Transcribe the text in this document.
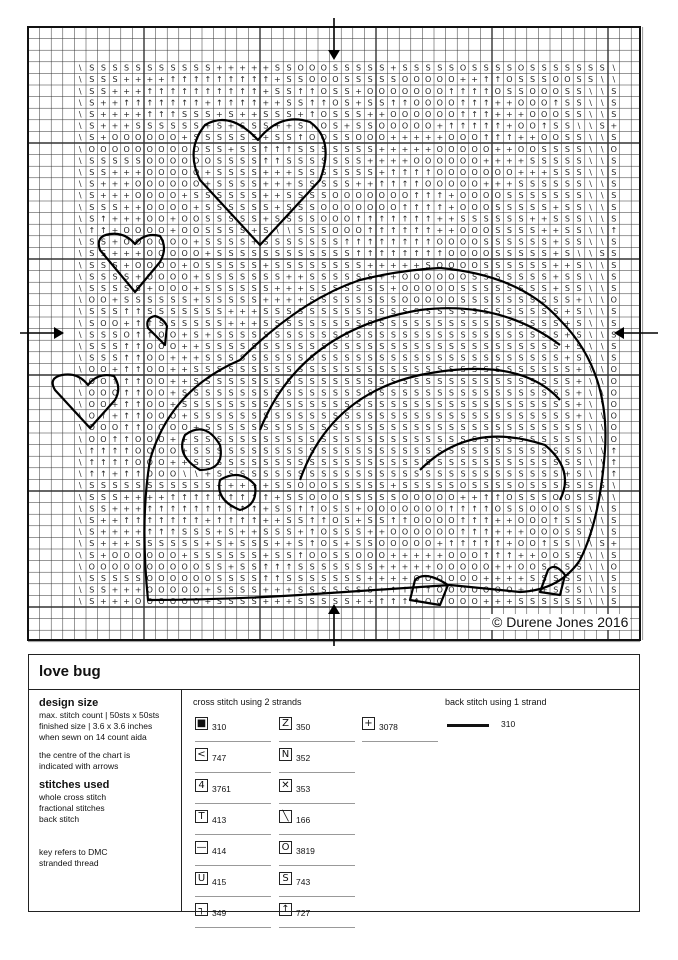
\ S S S S S S S S S S S + + + + + S S O O O S S S S S + S S S S S O S S S S O S S S S S S S \
\ S S S + + + + ↑ ↑ ↑ ↑ ↑ ↑ ↑ ↑ ↑ + S S O O O S S S S S O O O O O + + ↑ ↑ O S S S O O S S \ \
\ S S + + + ↑ ↑ ↑ ↑ ↑ ↑ ↑ ↑ ↑ ↑ + S S ↑ ↑ O S S + O O O O O O O ↑ ↑ ↑ ↑ O S S O O O S S \ \ S
\ S + + ↑ ↑ ↑ ↑ ↑ ↑ ↑ + ↑ ↑ ↑ ↑ + + S S ↑ ↑ O S + S S ↑ ↑ O O O O ↑ ↑ ↑ + + O O O ↑ S S \ \ S
\ S + + + + ↑ ↑ ↑ S S S + S + + S S S + ↑ O S S S + + O O O O O O ↑ ↑ ↑ + + + O O O S S \ \ S
\ S + + + S S S S S S + S + S S S + + S ↑ O S + S S O O O O O + ↑ ↑ ↑ ↑ ↑ + O O ↑ S S \ \ S +
\ S + O O O O O O + S S S S S S + S S ↑ O O S S O O O + + + + + O O O ↑ ↑ ↑ + + O O S S \ \ S
\ O O O O O O O O O O S S + S S ↑ ↑ ↑ S S S S S S S + + + + + O O O O O + + O O S S S S \ \ O
\ S S S S S O O O O O O S S S S ↑ ↑ S S S S S S S + + + + O O O O O O + + + + S S S S S \ \ S
\ S S + + + O O O O O + S S S S + + + S S S S S S S + ↑ ↑ ↑ ↑ O O O O O O O + + + S S S \ \ S
\ S + + + O O O O O O + S S S S + + + S S S S S + + ↑ ↑ ↑ ↑ O O O O O + + + S S S S S S \ \ S
\ S + + + O O O O + S S S S S S + + S S S S O O O O O O O ↑ ↑ ↑ + O O O O S S S S S S S \ \ S
\ S S S + + O O O O + S S S S S S + S S S O O O O O O O ↑ ↑ ↑ ↑ + O O O S S S S S + S S \ \ S
\ S ↑ + + + O O + O O S S S S S + S S S S O O O ↑ ↑ ↑ ↑ ↑ ↑ ↑ + + S S S S S S + + S S S \ \ S
\ ↑ ↑ + O O O O + O O S S S S + S \ \ S S S O O O ↑ ↑ ↑ ↑ ↑ ↑ + + O O O S S S S + + S S \ \ ↑
\ S S + O O O O O O + S S S S + S S S S S S S ↑ ↑ ↑ ↑ ↑ ↑ ↑ ↑ O O O O S S S S S S + S S \ \ S
\ S S + + + O O O O O + S S S S S S S S S S S S ↑ ↑ ↑ ↑ ↑ ↑ ↑ ↑ O O O O S S S S S + S \ \ S S
\ S S S + O O O O + O S S S S S + S S S S S S S S + + + + + S O O O O S S S S S S + + S \ \ S
\ S S S S + O O O O + S S S S S S S + + S S S S S S + + O O O O O O S S S S S S S + S S \ \ S
\ S S S S S + O O O + S S S S S S + + + S S S S S S S + O O O O O S S S S S S S S + S S \ \ S
\ O O + S S S S S S + S S S S S + + + + S S S S S S S S O O O O O S S S S S S S S S S + \ \ O
\ S S S ↑ ↑ S S S S S S S + + + S S S S S S S S S S S S S S S S S S S S S S S S S S + S \ \ S
\ S O O + ↑ ↑ S S S S S S + + + S S S S S S S S S S S S S S S S S S S S S S S S S S + S \ \ S
\ S S S O ↑ ↑ O O + S + S S S S S S S S S S S S S S S S S S S S S S S S S S S S S S + S \ \ S
\ S S S ↑ ↑ O O O + + S S S S S S S S S S S S S S S S S S S S S S S S S S S S S S S + S \ \ S
\ S S S ↑ ↑ O O + + + S S S S S S S S S S S S S S S S S S S S S S S S S S S S S S S + S \ \ S
\ O O + ↑ ↑ O O + + S S S S S S S S S S S S S S S S S S S S S S S S S S S S S S S S S + \ \ O
\ O O ↑ ↑ ↑ O O + + S S S S S S S S S S S S S S S S S S S S S S S S S S S S S S S S S + \ \ O
\ O O O ↑ ↑ O O + S S S S S S S S S S S S S S S S S S S S S S S S S S S S S S S S S S + \ \ O
\ O O + ↑ ↑ O O + S S S S S S S S S S S S S S S S S S S S S S S S S S S S S S S S S S + \ \ O
\ O ↑ + ↑ ↑ O O O + S S S S S S S S S S S S S S S S S S S S S S S S S S S S S S S S S + \ \ O
\ O O O ↑ ↑ O O O O + S S S S S S S S S S S S S S S S S S S S S S S S S S S S S S S S S \ \ O
\ O O ↑ ↑ O O O + + S S S S S S S S S S S S S S S S S S S S S S S S S S S S S S S S S S \ \ O
\ ↑ ↑ ↑ ↑ O O O O + S S S S S S S S S S S S S S S S S S S S S S S S S S S S S S S S S S \ \ ↑
\ ↑ ↑ ↑ ↑ O O O + + S S S S S S S S S S S S S S S S S S S S S S S S S S S S S S S S S S \ \ ↑
\ ↑ ↑ + ↑ ↑ O O O \ \ + S S S S S S S S S S S S S S S S S S S S S S S S S S S S S S + S \ \ ↑
\ S S S S S S S S S S S + + + + + S S O O O S S S S S + S S S S S O S S S S O S S S S S S S \
\ S S S + + + + ↑ ↑ ↑ ↑ ↑ ↑ ↑ ↑ ↑ + S S O O O S S S S S O O O O O + + ↑ ↑ O S S S O O S S \ \
\ S S + + + ↑ ↑ ↑ ↑ ↑ ↑ ↑ ↑ ↑ ↑ + S S ↑ ↑ O S S + O O O O O O O ↑ ↑ ↑ ↑ O S S O O O S S \ \ S
\ S + + ↑ ↑ ↑ ↑ ↑ ↑ ↑ + ↑ ↑ ↑ ↑ + + S S ↑ ↑ O S + S S ↑ ↑ O O O O ↑ ↑ ↑ + + O O O ↑ S S \ \ S
\ S + + + + ↑ ↑ ↑ S S S + S + + S S S + ↑ O S S S + + O O O O O O ↑ ↑ ↑ + + + O O O S S \ \ S
\ S + + + S S S S S S + S + S S S + + S ↑ O S + S S O O O O O + ↑ ↑ ↑ ↑ ↑ + O O ↑ S S \ \ S +
\ S + O O O O O O + S S S S S S + S S ↑ O O S S O O O + + + + + O O O ↑ ↑ ↑ + + O O S S \ \ S
\ O O O O O O O O O O S S + S S ↑ ↑ ↑ S S S S S S S + + + + + O O O O O + + O O S S S S \ \ O
\ S S S S S O O O O O O S S S S ↑ ↑ S S S S S S S + + + + O O O O O O + + + + S S S S S \ \ S
\ S S + + + O O O O O + S S S S + + + S S S S S S S + ↑ ↑ ↑ ↑ O O O O O O O + + + S S S \ \ S
\ S + + + O O O O O O + S S S S + + + S S S S S + + ↑ ↑ ↑ ↑ O O O O O + + + S S S S S S \ \ S
© Durene Jones 2016
love bug
design size

max. stitch count | 50sts x 50sts
finished size | 3.6 x 3.6 inches
when sewn on 14 count aida

the centre of the chart is
indicated with arrows

stitches used

whole cross stitch
fractional stitches
back stitch

key refers to DMC
stranded thread

cross stitch using 2 strands	back stitch using 1 strand
310
■ 310
< 747
4 3761
T 413
— 414
U 415
┐ 349
Z 350
N 352
✕ 353
╲ 166
O 3819
S 743
↑ 727
+ 3078
